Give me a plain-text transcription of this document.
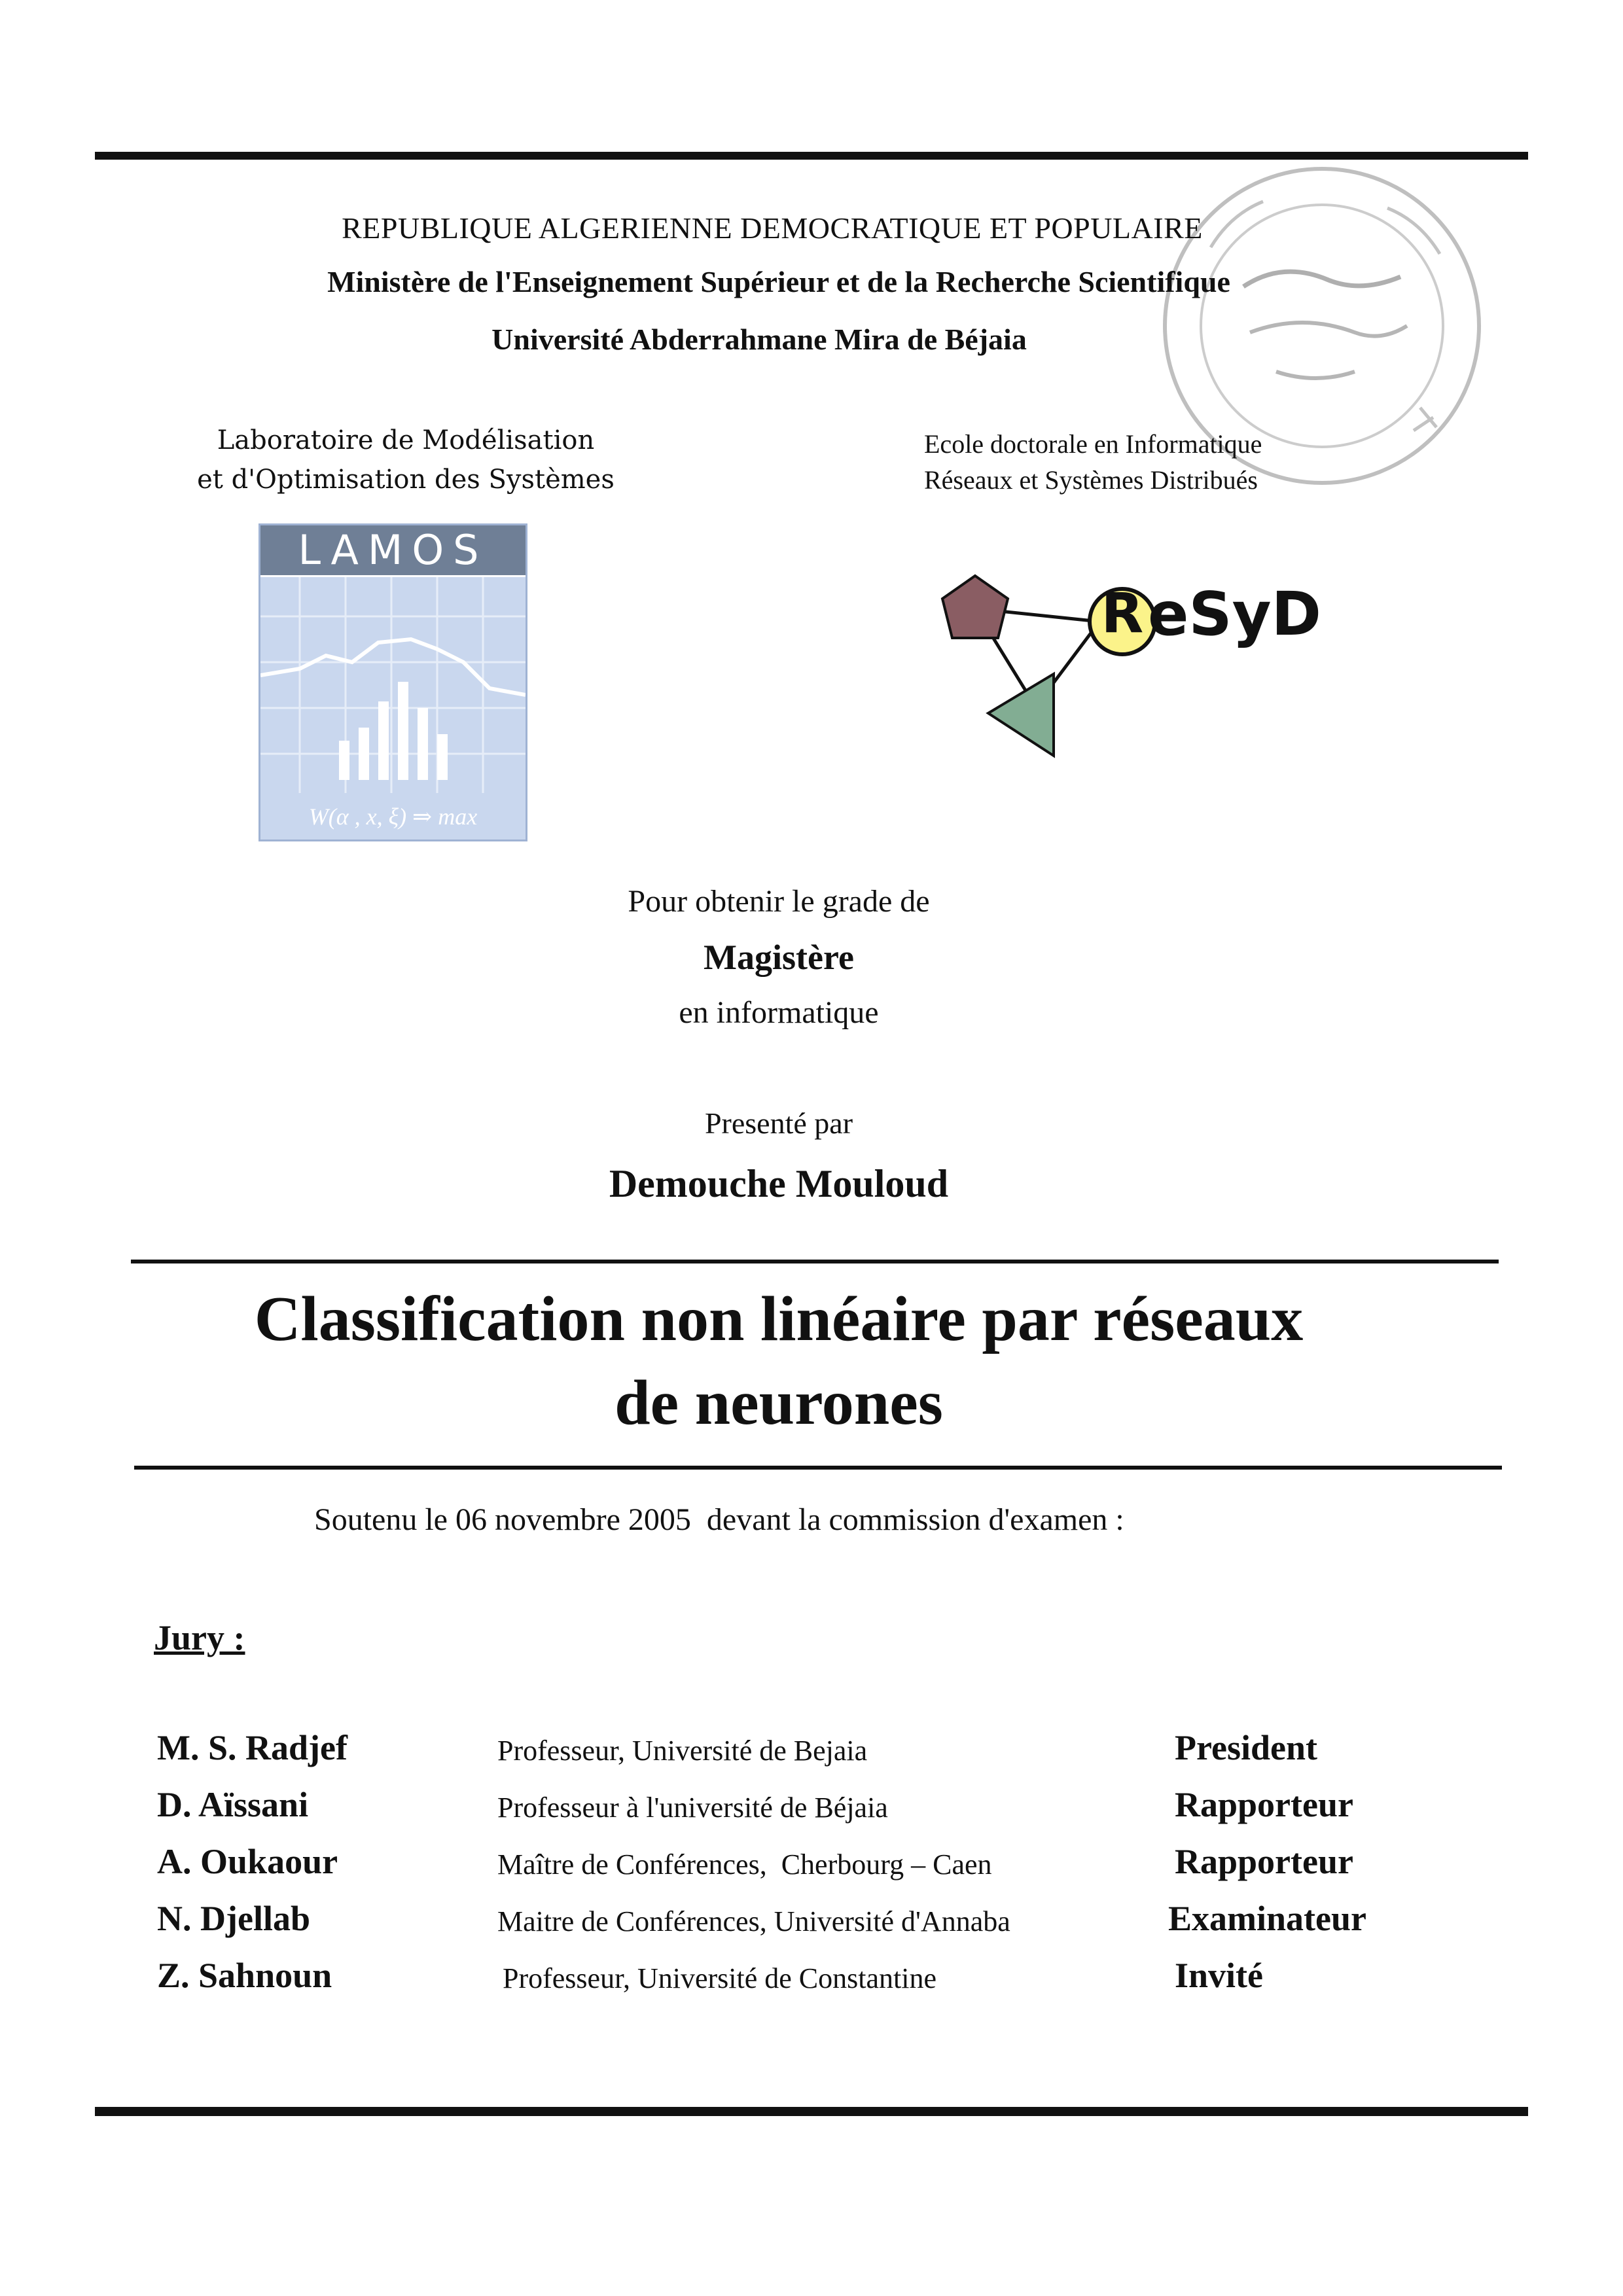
REPUBLIQUE ALGERIENNE DEMOCRATIQUE ET POPULAIRE
Ministère de l'Enseignement Supérieur et de la Recherche Scientifique
Université Abderrahmane Mira de Béjaia
Laboratoire de Modélisation
et d'Optimisation des Systèmes
LAMOS
W(α , x, ξ) ⇒ max
Ecole doctorale en Informatique
Réseaux et Systèmes Distribués
R eSyD
Pour obtenir le grade de
Magistère
en informatique
Presenté par
Demouche Mouloud
Classification non linéaire par réseaux
de neurones
Soutenu le 06 novembre 2005  devant la commission d'examen :
Jury :
M. S. Radjef	Professeur, Université de Bejaia	President
D. Aïssani	Professeur à l'université de Béjaia	Rapporteur
A. Oukaour	Maître de Conférences,  Cherbourg – Caen	Rapporteur
N. Djellab	Maitre de Conférences, Université d'Annaba	Examinateur
Z. Sahnoun	Professeur, Université de Constantine	Invité
